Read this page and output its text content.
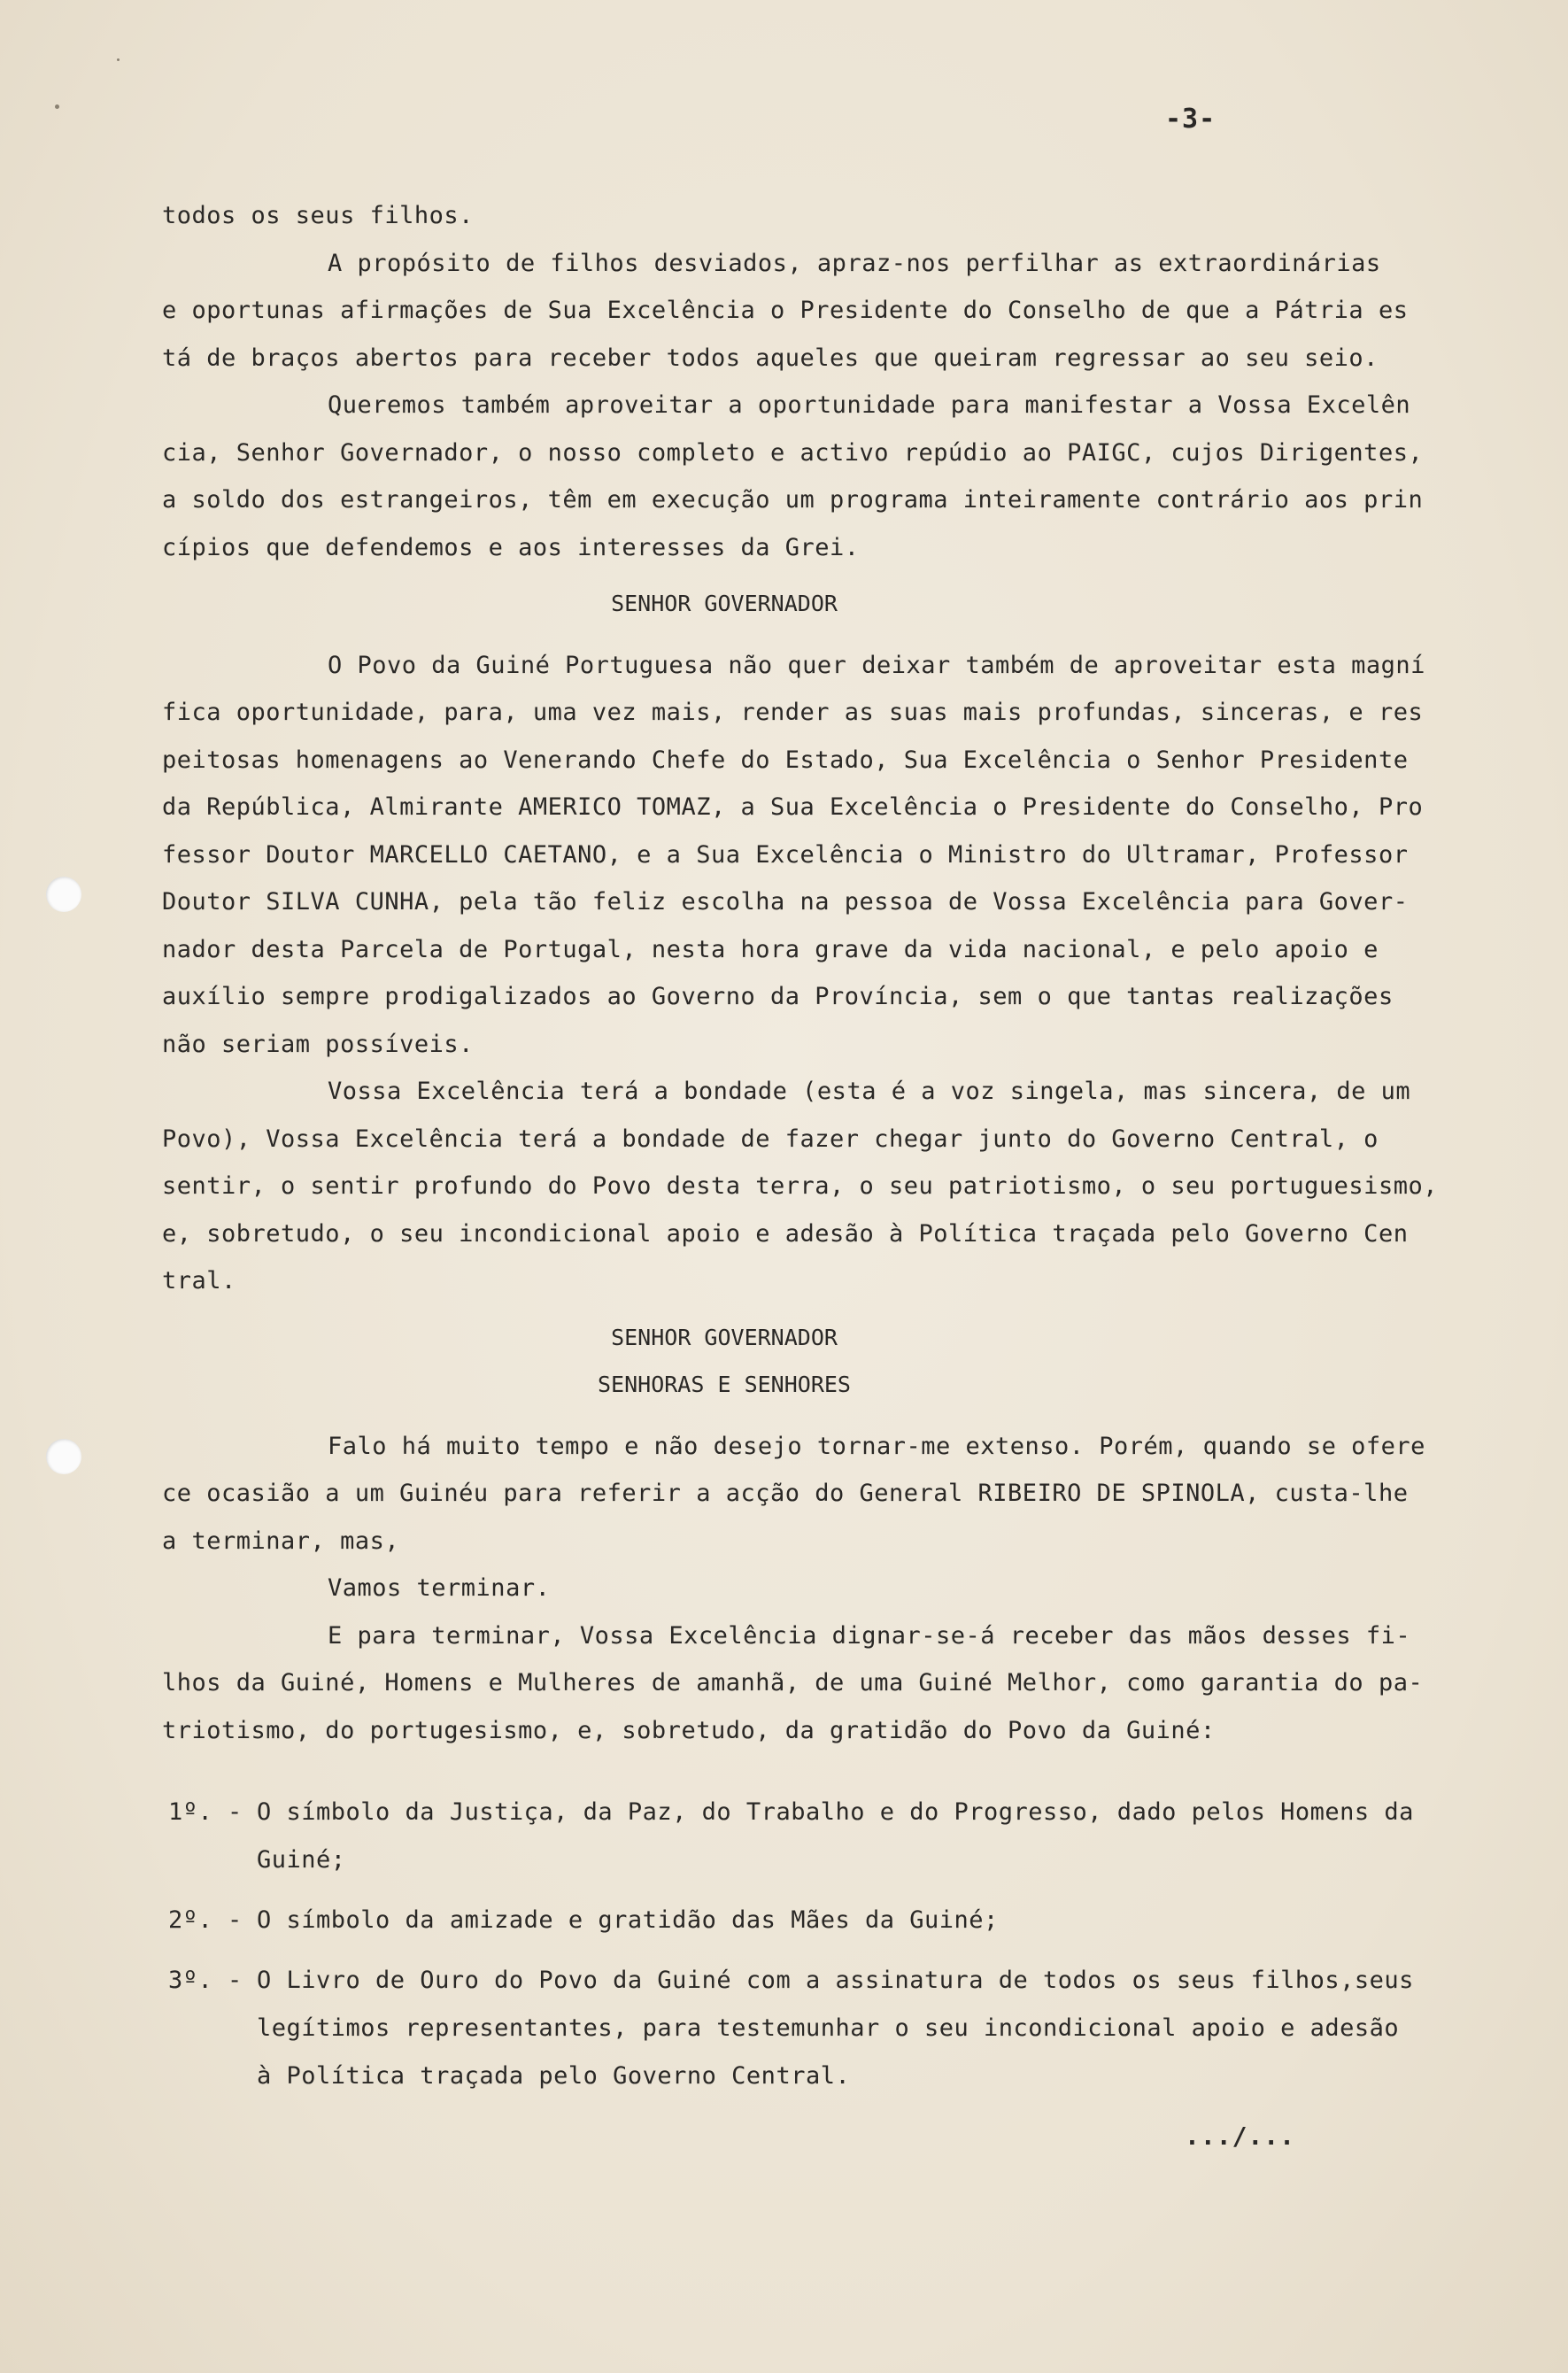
-3-

todos os seus filhos.

A propósito de filhos desviados, apraz-nos perfilhar as extraordinárias

e oportunas afirmações de Sua Excelência o Presidente do Conselho de que a Pátria es

tá de braços abertos para receber todos aqueles que queiram regressar ao seu seio.

Queremos também aproveitar a oportunidade para manifestar a Vossa Excelên

cia, Senhor Governador, o nosso completo e activo repúdio ao PAIGC, cujos Dirigentes,

a soldo dos estrangeiros, têm em execução um programa inteiramente contrário aos prin

cípios que defendemos e aos interesses da Grei.

SENHOR GOVERNADOR

O Povo da Guiné Portuguesa não quer deixar também de aproveitar esta magní

fica oportunidade, para, uma vez mais, render as suas mais profundas, sinceras, e res

peitosas homenagens ao Venerando Chefe do Estado, Sua Excelência o Senhor Presidente

da República, Almirante AMERICO TOMAZ, a Sua Excelência o Presidente do Conselho, Pro

fessor Doutor MARCELLO CAETANO, e a Sua Excelência o Ministro do Ultramar, Professor

Doutor SILVA CUNHA, pela tão feliz escolha na pessoa de Vossa Excelência para Gover-

nador desta Parcela de Portugal, nesta hora grave da vida nacional, e pelo apoio e

auxílio sempre prodigalizados ao Governo da Província, sem o que tantas realizações

não seriam possíveis.

Vossa Excelência terá a bondade (esta é a voz singela, mas sincera, de um

Povo), Vossa Excelência terá a bondade de fazer chegar junto do Governo Central, o

sentir, o sentir profundo do Povo desta terra, o seu patriotismo, o seu portuguesismo,

e, sobretudo, o seu incondicional apoio e adesão à Política traçada pelo Governo Cen

tral.

SENHOR GOVERNADOR

SENHORAS E SENHORES

Falo há muito tempo e não desejo tornar-me extenso. Porém, quando se ofere

ce ocasião a um Guinéu para referir a acção do General RIBEIRO DE SPINOLA, custa-lhe

a terminar, mas,

Vamos terminar.

E para terminar, Vossa Excelência dignar-se-á receber das mãos desses fi-

lhos da Guiné, Homens e Mulheres de amanhã, de uma Guiné Melhor, como garantia do pa-

triotismo, do portugesismo, e, sobretudo, da gratidão do Povo da Guiné:

1º. - O símbolo da Justiça, da Paz, do Trabalho e do Progresso, dado pelos Homens da
Guiné;
2º. - O símbolo da amizade e gratidão das Mães da Guiné;
3º. - O Livro de Ouro do Povo da Guiné com a assinatura de todos os seus filhos,seus
legítimos representantes, para testemunhar o seu incondicional apoio e adesão
à Política traçada pelo Governo Central.
.../...
